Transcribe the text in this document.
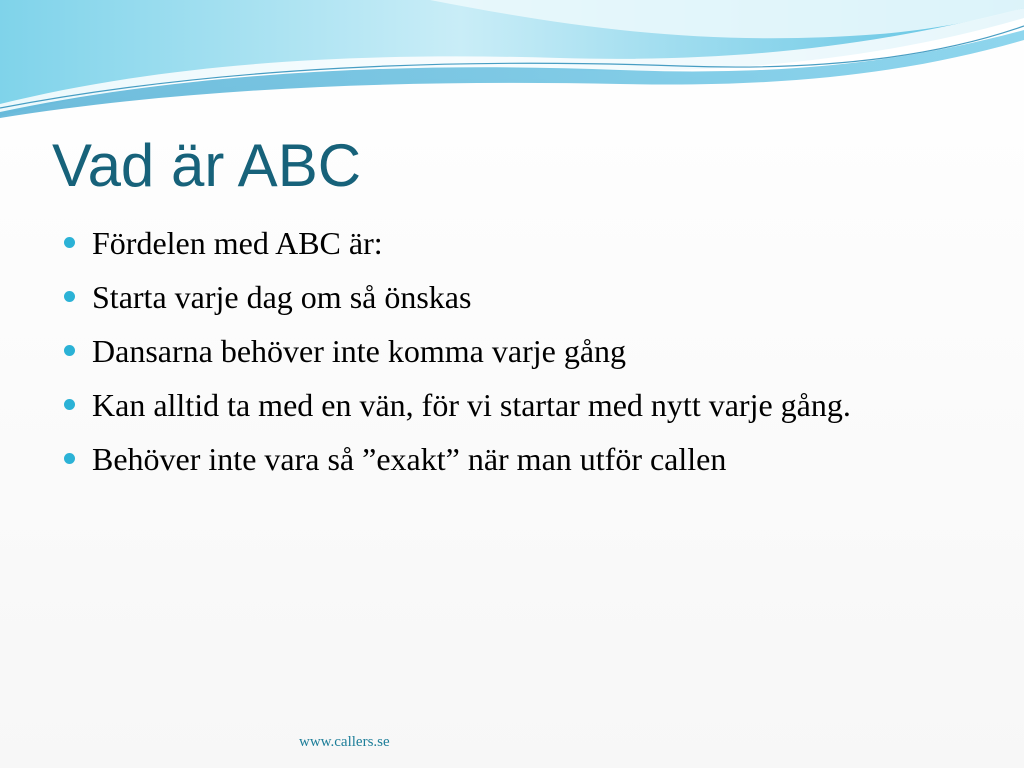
Vad är ABC
Fördelen med ABC är:
Starta varje dag om så önskas
Dansarna behöver inte komma varje gång
Kan alltid ta med en vän, för vi startar med nytt varje gång.
Behöver inte vara så ”exakt” när man utför callen
www.callers.se
